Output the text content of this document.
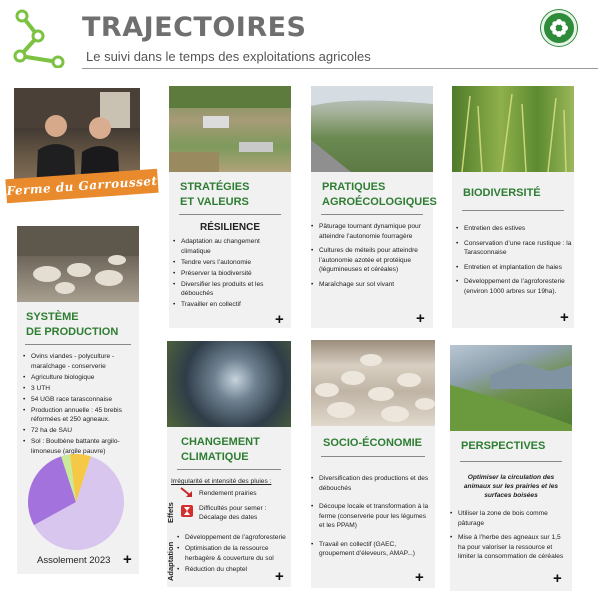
TRAJECTOIRES
Le suivi dans le temps des exploitations agricoles
Ferme du Garrousset
SYSTÈME
DE PRODUCTION
• Ovins viandes - polyculture - maraîchage - conserverie
• Agriculture biologique
• 3 UTH
• 54 UGB race tarasconnaise
• Production annuelle : 45 brebis réformées et 250 agneaux.
• 72 ha de SAU
• Sol : Boulbène battante argilo-limoneuse (argile pauvre)
Assolement 2023 +
STRATÉGIES
ET VALEURS
RÉSILIENCE
• Adaptation au changement climatique
• Tendre vers l’autonomie
• Préserver la biodiversité
• Diversifier les produits et les débouchés
• Travailler en collectif
+
PRATIQUES
AGROÉCOLOGIQUES
• Pâturage tournant dynamique pour atteindre l’autonomie fourragère
• Cultures de méteils pour atteindre l’autonomie azotée et protéique (légumineuses et céréales)
• Maraîchage sur sol vivant
+
BIODIVERSITÉ
• Entretien des estives
• Conservation d’une race rustique : la Tarasconnaise
• Entretien et implantation de haies
• Développement de l’agroforesterie (environ 1000 arbres sur 19ha).
+
CHANGEMENT
CLIMATIQUE
Irrégularité et intensité des pluies :
Effets
Adaptation
Rendement prairies
Difficultés pour semer : Décalage des dates
• Développement de l’agroforesterie
• Optimisation de la ressource herbagère & couverture du sol
• Réduction du cheptel	+
SOCIO-ÉCONOMIE
• Diversification des productions et des débouchés
• Découpe locale et transformation à la ferme (conserverie pour les légumes et les PPAM)
• Travail en collectif (GAEC, groupement d’éleveurs, AMAP...)
+
PERSPECTIVES
Optimiser la circulation des animaux sur les prairies et les surfaces boisées
• Utiliser la zone de bois comme pâturage
• Mise à l’herbe des agneaux sur 1,5 ha pour valoriser la ressource et limiter la consommation de céréales
+
